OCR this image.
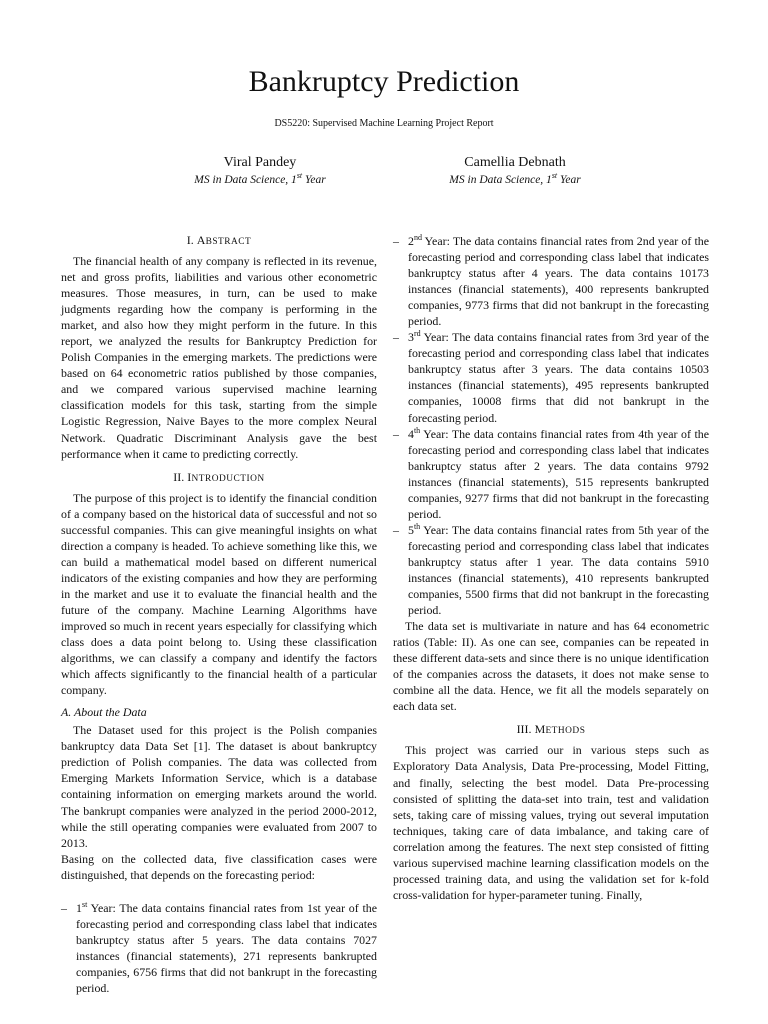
Bankruptcy Prediction
DS5220: Supervised Machine Learning Project Report
Viral Pandey
MS in Data Science, 1st Year
Camellia Debnath
MS in Data Science, 1st Year
I. ABSTRACT

The financial health of any company is reflected in its revenue, net and gross profits, liabilities and various other econometric measures. Those measures, in turn, can be used to make judgments regarding how the company is performing in the market, and also how they might perform in the future. In this report, we analyzed the results for Bankruptcy Prediction for Polish Companies in the emerging markets. The predictions were based on 64 econometric ratios published by those companies, and we compared various supervised machine learning classification models for this task, starting from the simple Logistic Regression, Naive Bayes to the more complex Neural Network. Quadratic Discriminant Analysis gave the best performance when it came to predicting correctly.

II. INTRODUCTION

The purpose of this project is to identify the financial condition of a company based on the historical data of successful and not so successful companies. This can give meaningful insights on what direction a company is headed. To achieve something like this, we can build a mathematical model based on different numerical indicators of the existing companies and how they are performing in the market and use it to evaluate the financial health and the future of the company. Machine Learning Algorithms have improved so much in recent years especially for classifying which class does a data point belong to. Using these classification algorithms, we can classify a company and identify the factors which affects significantly to the financial health of a particular company.

A. About the Data

The Dataset used for this project is the Polish companies bankruptcy data Data Set [1]. The dataset is about bankruptcy prediction of Polish companies. The data was collected from Emerging Markets Information Service, which is a database containing information on emerging markets around the world. The bankrupt companies were analyzed in the period 2000-2012, while the still operating companies were evaluated from 2007 to 2013.

Basing on the collected data, five classification cases were distinguished, that depends on the forecasting period:

– 1st Year: The data contains financial rates from 1st year of the forecasting period and corresponding class label that indicates bankruptcy status after 5 years. The data contains 7027 instances (financial statements), 271 represents bankrupted companies, 6756 firms that did not bankrupt in the forecasting period.
– 2nd Year: The data contains financial rates from 2nd year of the forecasting period and corresponding class label that indicates bankruptcy status after 4 years. The data contains 10173 instances (financial statements), 400 represents bankrupted companies, 9773 firms that did not bankrupt in the forecasting period.
– 3rd Year: The data contains financial rates from 3rd year of the forecasting period and corresponding class label that indicates bankruptcy status after 3 years. The data contains 10503 instances (financial statements), 495 represents bankrupted companies, 10008 firms that did not bankrupt in the forecasting period.
– 4th Year: The data contains financial rates from 4th year of the forecasting period and corresponding class label that indicates bankruptcy status after 2 years. The data contains 9792 instances (financial statements), 515 represents bankrupted companies, 9277 firms that did not bankrupt in the forecasting period.
– 5th Year: The data contains financial rates from 5th year of the forecasting period and corresponding class label that indicates bankruptcy status after 1 year. The data contains 5910 instances (financial statements), 410 represents bankrupted companies, 5500 firms that did not bankrupt in the forecasting period.

The data set is multivariate in nature and has 64 econometric ratios (Table: II). As one can see, companies can be repeated in these different data-sets and since there is no unique identification of the companies across the datasets, it does not make sense to combine all the data. Hence, we fit all the models separately on each data set.

III. METHODS

This project was carried our in various steps such as Exploratory Data Analysis, Data Pre-processing, Model Fitting, and finally, selecting the best model. Data Pre-processing consisted of splitting the data-set into train, test and validation sets, taking care of missing values, trying out several imputation techniques, taking care of data imbalance, and taking care of correlation among the features. The next step consisted of fitting various supervised machine learning classification models on the processed training data, and using the validation set for k-fold cross-validation for hyper-parameter tuning. Finally,
